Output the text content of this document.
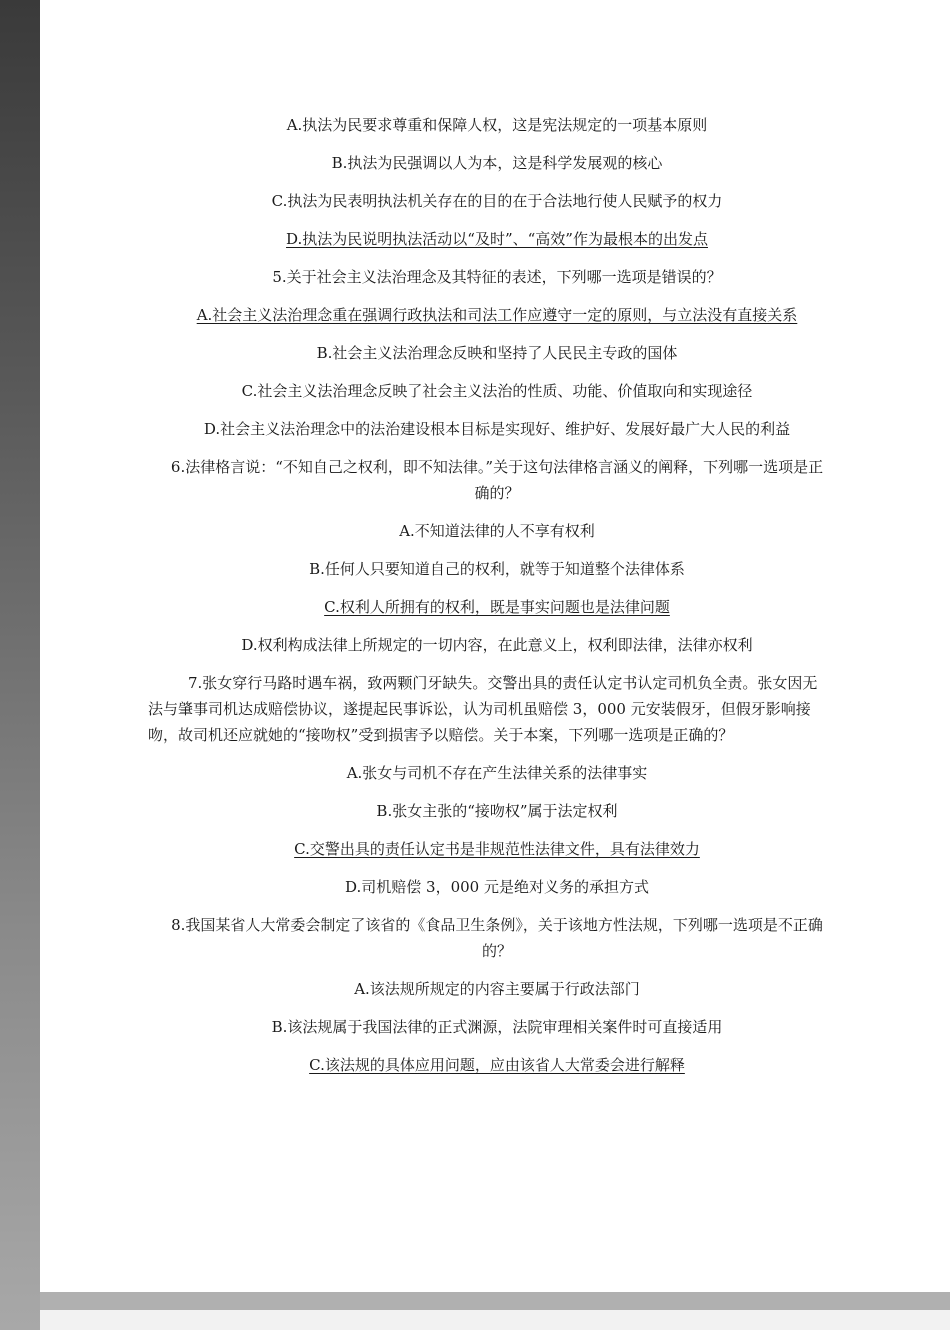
A.执法为民要求尊重和保障人权，这是宪法规定的一项基本原则

B.执法为民强调以人为本，这是科学发展观的核心

C.执法为民表明执法机关存在的目的在于合法地行使人民赋予的权力

D.执法为民说明执法活动以“及时”、“高效”作为最根本的出发点

5.关于社会主义法治理念及其特征的表述，下列哪一选项是错误的？

A.社会主义法治理念重在强调行政执法和司法工作应遵守一定的原则，与立法没有直接关系

B.社会主义法治理念反映和坚持了人民民主专政的国体

C.社会主义法治理念反映了社会主义法治的性质、功能、价值取向和实现途径

D.社会主义法治理念中的法治建设根本目标是实现好、维护好、发展好最广大人民的利益

6.法律格言说：“不知自己之权利，即不知法律。”关于这句法律格言涵义的阐释，下列哪一选项是正确的？

A.不知道法律的人不享有权利

B.任何人只要知道自己的权利，就等于知道整个法律体系

C.权利人所拥有的权利，既是事实问题也是法律问题

D.权利构成法律上所规定的一切内容，在此意义上，权利即法律，法律亦权利

7.张女穿行马路时遇车祸，致两颗门牙缺失。交警出具的责任认定书认定司机负全责。张女因无法与肇事司机达成赔偿协议，遂提起民事诉讼，认为司机虽赔偿 3，000 元安装假牙，但假牙影响接吻，故司机还应就她的“接吻权”受到损害予以赔偿。关于本案，下列哪一选项是正确的？

A.张女与司机不存在产生法律关系的法律事实

B.张女主张的“接吻权”属于法定权利

C.交警出具的责任认定书是非规范性法律文件，具有法律效力

D.司机赔偿 3，000 元是绝对义务的承担方式

8.我国某省人大常委会制定了该省的《食品卫生条例》，关于该地方性法规，下列哪一选项是不正确的？

A.该法规所规定的内容主要属于行政法部门

B.该法规属于我国法律的正式渊源，法院审理相关案件时可直接适用

C.该法规的具体应用问题，应由该省人大常委会进行解释
